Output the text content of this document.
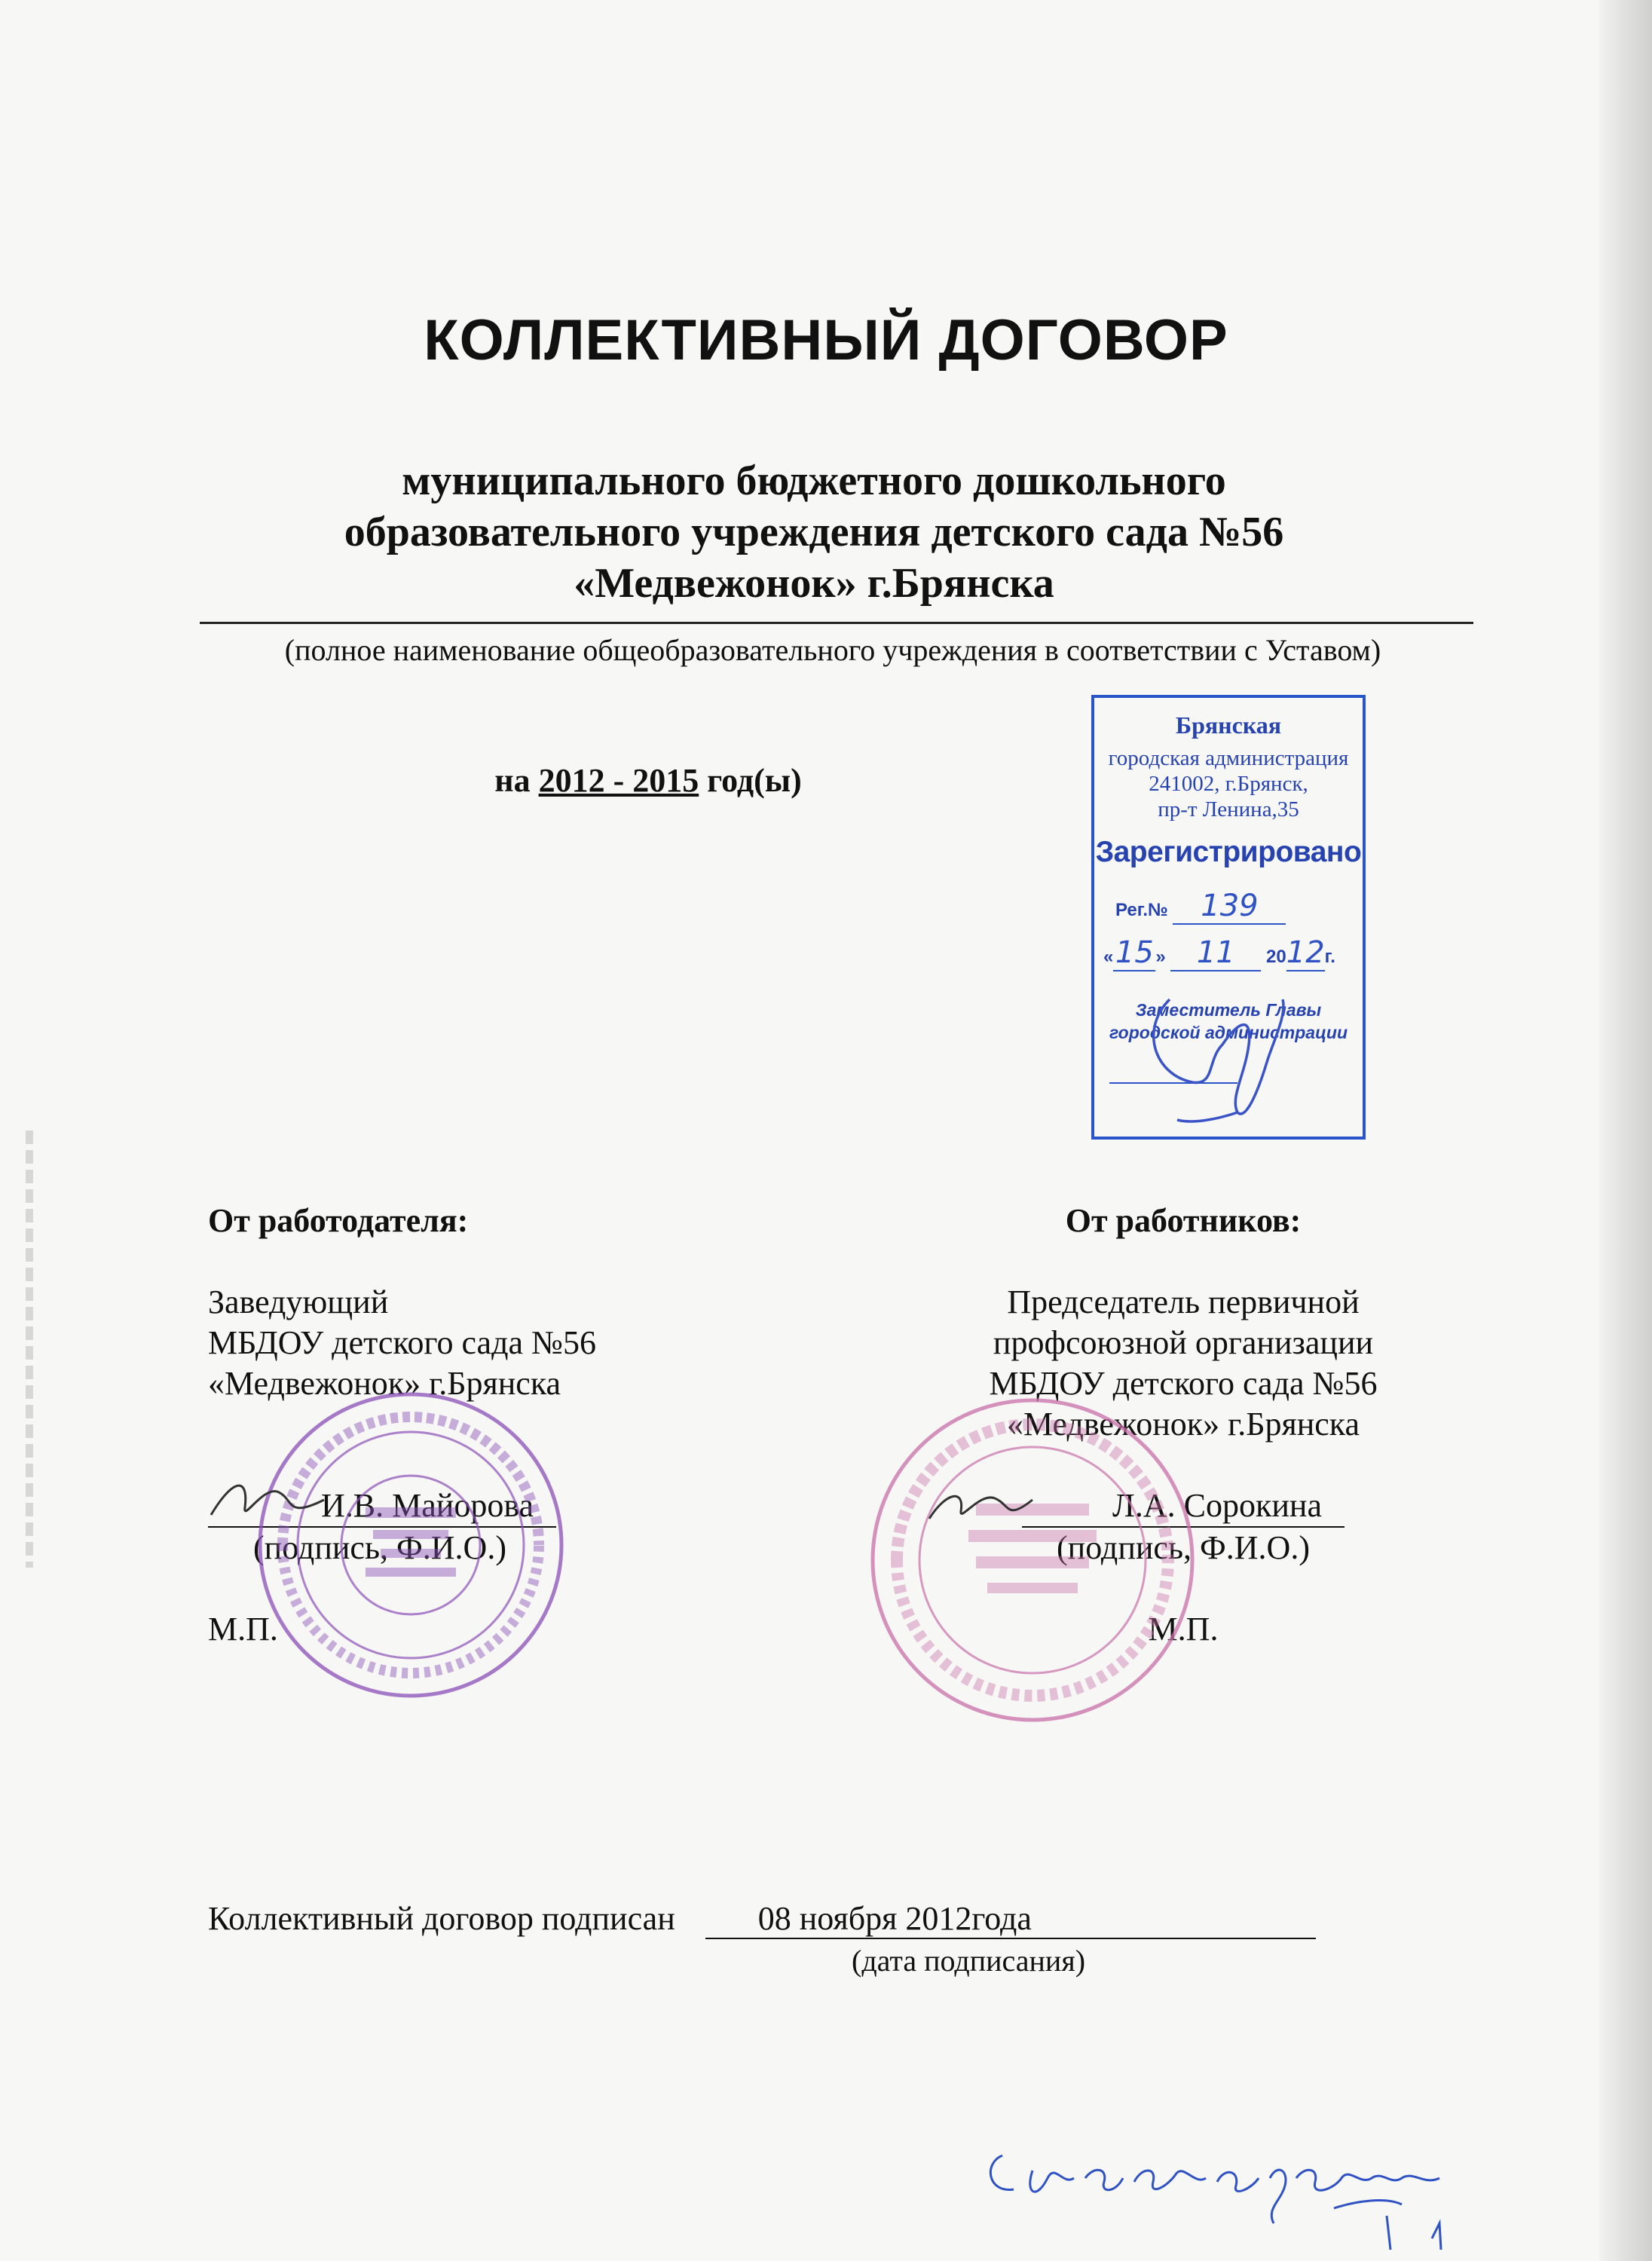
КОЛЛЕКТИВНЫЙ ДОГОВОР
муниципального бюджетного дошкольного
образовательного учреждения детского сада №56
«Медвежонок» г.Брянска
(полное наименование общеобразовательного учреждения в соответствии с Уставом)
на 2012 - 2015 год(ы)
Брянская
городская администрация
241002, г.Брянск,
пр-т Ленина,35
Зарегистрировано
Рег.№ 139
«15 » 11 2012г.
Заместитель Главы
городской администрации
От работодателя:
Заведующий
МБДОУ детского сада №56
«Медвежонок» г.Брянска
И.В. Майорова
(подпись, Ф.И.О.)
М.П.
От работников:
Председатель первичной
профсоюзной организации
МБДОУ детского сада №56
«Медвежонок» г.Брянска
Л.А. Сорокина
(подпись, Ф.И.О.)
М.П.
Коллективный договор подписан	08 ноября 2012года
(дата подписания)
